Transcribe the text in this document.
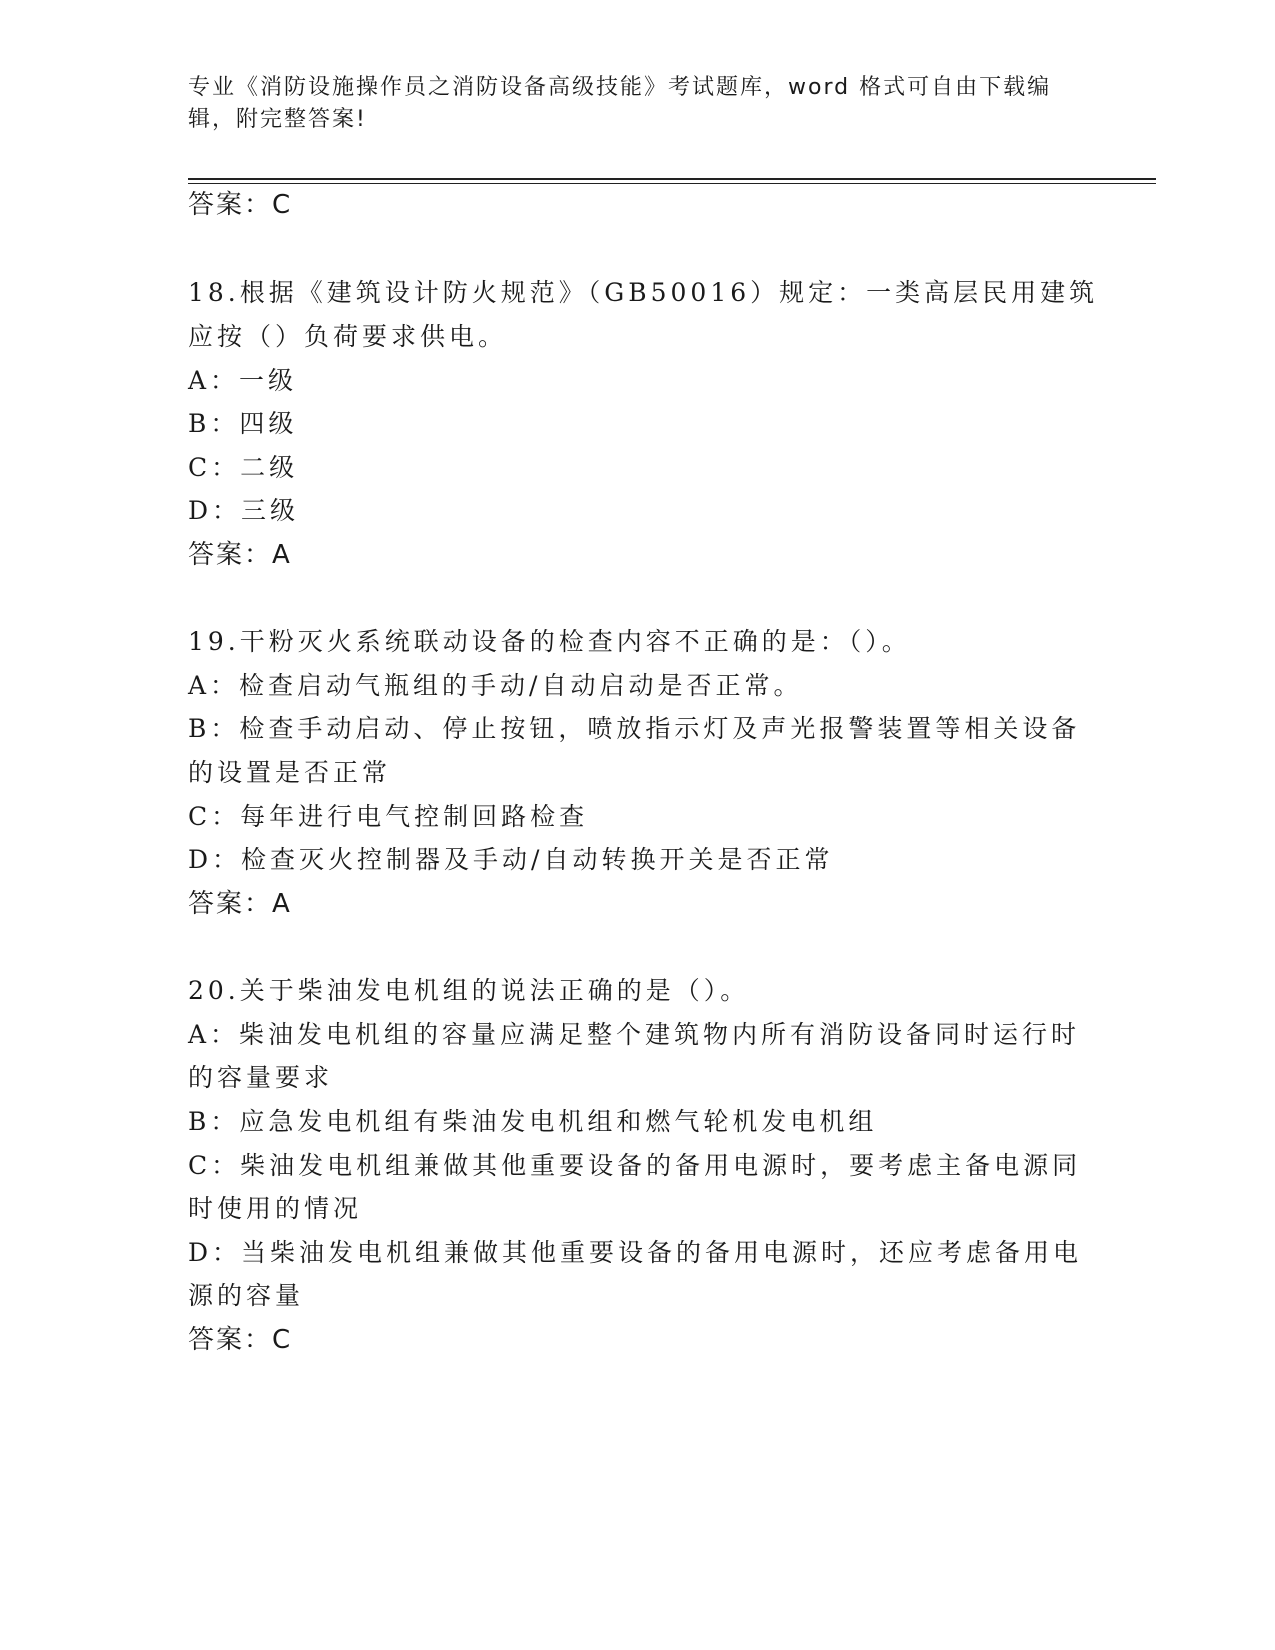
专业《消防设施操作员之消防设备高级技能》考试题库，word 格式可自由下载编辑，附完整答案!
答案：C
18.根据《建筑设计防火规范》（GB50016）规定：一类高层民用建筑
应按（）负荷要求供电。
A：一级
B：四级
C：二级
D：三级
答案：A
19.干粉灭火系统联动设备的检查内容不正确的是：（）。
A：检查启动气瓶组的手动/自动启动是否正常。
B：检查手动启动、停止按钮，喷放指示灯及声光报警装置等相关设备
的设置是否正常
C：每年进行电气控制回路检查
D：检查灭火控制器及手动/自动转换开关是否正常
答案：A
20.关于柴油发电机组的说法正确的是（）。
A：柴油发电机组的容量应满足整个建筑物内所有消防设备同时运行时
的容量要求
B：应急发电机组有柴油发电机组和燃气轮机发电机组
C：柴油发电机组兼做其他重要设备的备用电源时，要考虑主备电源同
时使用的情况
D：当柴油发电机组兼做其他重要设备的备用电源时，还应考虑备用电
源的容量
答案：C
